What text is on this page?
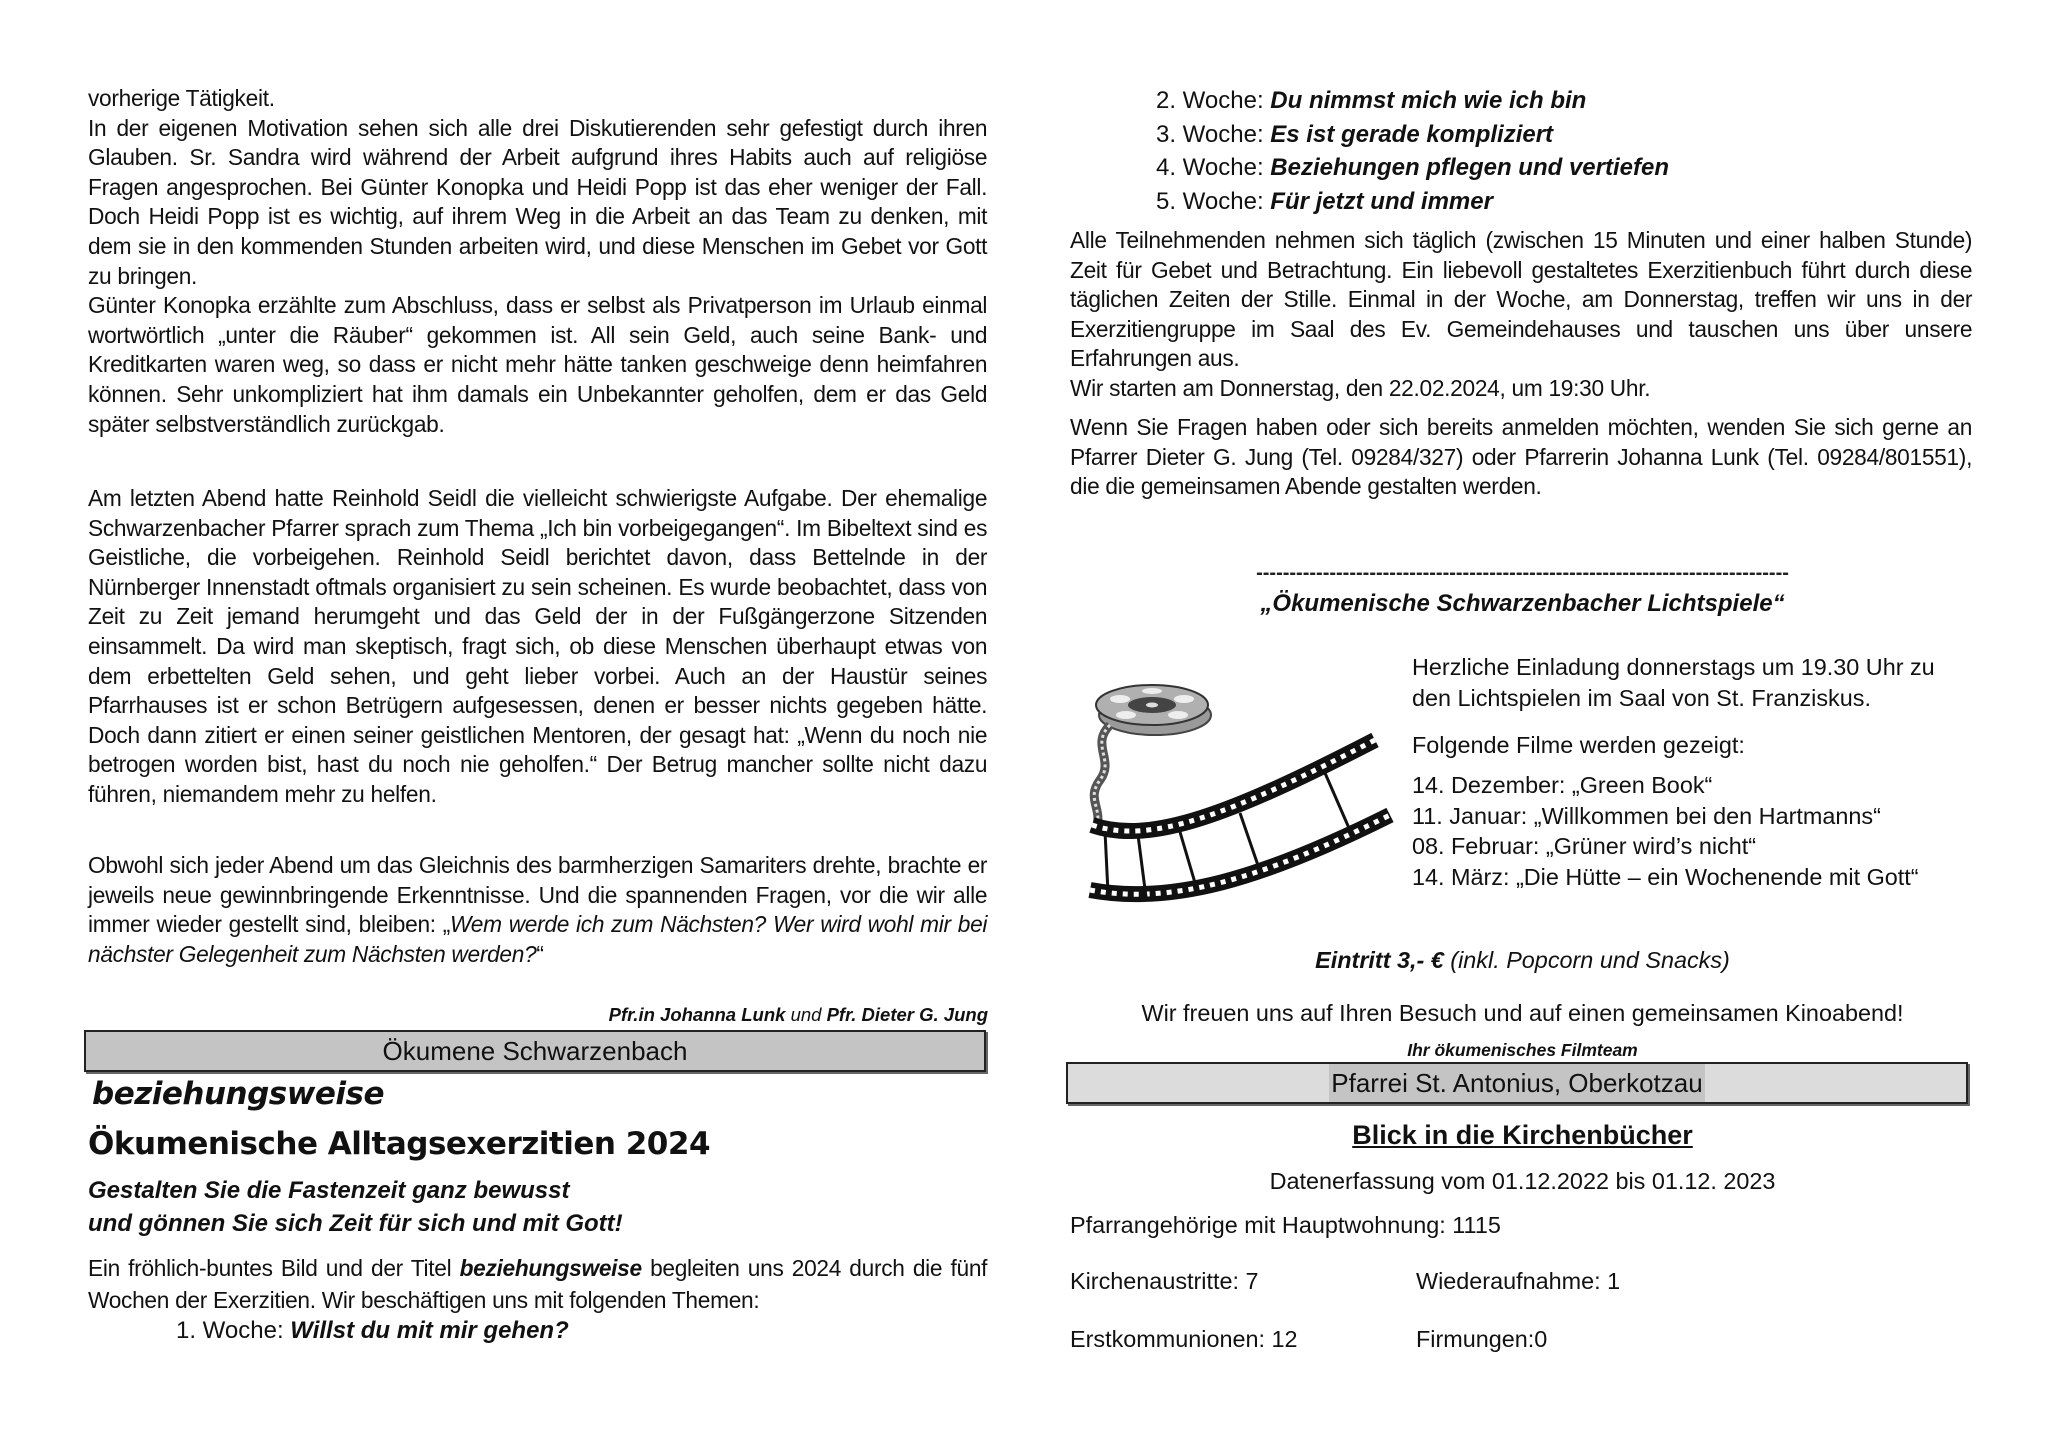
vorherige Tätigkeit.

In der eigenen Motivation sehen sich alle drei Diskutierenden sehr gefestigt durch ihren Glauben. Sr. Sandra wird während der Arbeit aufgrund ihres Habits auch auf religiöse Fragen angesprochen. Bei Günter Konopka und Heidi Popp ist das eher weniger der Fall. Doch Heidi Popp ist es wichtig, auf ihrem Weg in die Arbeit an das Team zu denken, mit dem sie in den kommenden Stunden arbeiten wird, und diese Menschen im Gebet vor Gott zu bringen.

Günter Konopka erzählte zum Abschluss, dass er selbst als Privatperson im Urlaub einmal wortwörtlich „unter die Räuber“ gekommen ist. All sein Geld, auch seine Bank- und Kreditkarten waren weg, so dass er nicht mehr hätte tanken geschweige denn heimfahren können. Sehr unkompliziert hat ihm damals ein Unbekannter geholfen, dem er das Geld später selbstverständlich zurückgab.

Am letzten Abend hatte Reinhold Seidl die vielleicht schwierigste Aufgabe. Der ehemalige Schwarzenbacher Pfarrer sprach zum Thema „Ich bin vorbeigegangen“. Im Bibeltext sind es Geistliche, die vorbeigehen. Reinhold Seidl berichtet davon, dass Bettelnde in der Nürnberger Innenstadt oftmals organisiert zu sein scheinen. Es wurde beobachtet, dass von Zeit zu Zeit jemand herumgeht und das Geld der in der Fußgängerzone Sitzenden einsammelt. Da wird man skeptisch, fragt sich, ob diese Menschen überhaupt etwas von dem erbettelten Geld sehen, und geht lieber vorbei. Auch an der Haustür seines Pfarrhauses ist er schon Betrügern aufgesessen, denen er besser nichts gegeben hätte. Doch dann zitiert er einen seiner geistlichen Mentoren, der gesagt hat: „Wenn du noch nie betrogen worden bist, hast du noch nie geholfen.“ Der Betrug mancher sollte nicht dazu führen, niemandem mehr zu helfen.

Obwohl sich jeder Abend um das Gleichnis des barmherzigen Samariters drehte, brachte er jeweils neue gewinnbringende Erkenntnisse. Und die spannenden Fragen, vor die wir alle immer wieder gestellt sind, bleiben: „Wem werde ich zum Nächsten? Wer wird wohl mir bei nächster Gelegenheit zum Nächsten werden?“

Pfr.in Johanna Lunk und Pfr. Dieter G. Jung
Ökumene Schwarzenbach
beziehungsweise
Ökumenische Alltagsexerzitien 2024
Gestalten Sie die Fastenzeit ganz bewusst
und gönnen Sie sich Zeit für sich und mit Gott!

Ein fröhlich-buntes Bild und der Titel beziehungsweise begleiten uns 2024 durch die fünf Wochen der Exerzitien. Wir beschäftigen uns mit folgenden Themen:

1. Woche: Willst du mit mir gehen?
2. Woche: Du nimmst mich wie ich bin
3. Woche: Es ist gerade kompliziert
4. Woche: Beziehungen pflegen und vertiefen
5. Woche: Für jetzt und immer

Alle Teilnehmenden nehmen sich täglich (zwischen 15 Minuten und einer halben Stunde) Zeit für Gebet und Betrachtung. Ein liebevoll gestaltetes Exerzitienbuch führt durch diese täglichen Zeiten der Stille. Einmal in der Woche, am Donnerstag, treffen wir uns in der Exerzitiengruppe im Saal des Ev. Gemeindehauses und tauschen uns über unsere Erfahrungen aus.

Wir starten am Donnerstag, den 22.02.2024, um 19:30 Uhr.

Wenn Sie Fragen haben oder sich bereits anmelden möchten, wenden Sie sich gerne an Pfarrer Dieter G. Jung (Tel. 09284/327) oder Pfarrerin Johanna Lunk (Tel. 09284/801551), die die gemeinsamen Abende gestalten werden.

--------------------------------------------------------------------------------
„Ökumenische Schwarzenbacher Lichtspiele“
Herzliche Einladung donnerstags um 19.30 Uhr zu den Lichtspielen im Saal von St. Franziskus.
Folgende Filme werden gezeigt:
14. Dezember: „Green Book“
11. Januar: „Willkommen bei den Hartmanns“
08. Februar: „Grüner wird’s nicht“
14. März: „Die Hütte – ein Wochenende mit Gott“
Eintritt 3,- € (inkl. Popcorn und Snacks)
Wir freuen uns auf Ihren Besuch und auf einen gemeinsamen Kinoabend!
Ihr ökumenisches Filmteam
Pfarrei St. Antonius, Oberkotzau
Blick in die Kirchenbücher
Datenerfassung vom 01.12.2022 bis 01.12. 2023
Pfarrangehörige mit Hauptwohnung: 1115
Kirchenaustritte: 7	Wiederaufnahme: 1
Erstkommunionen: 12	Firmungen:0
